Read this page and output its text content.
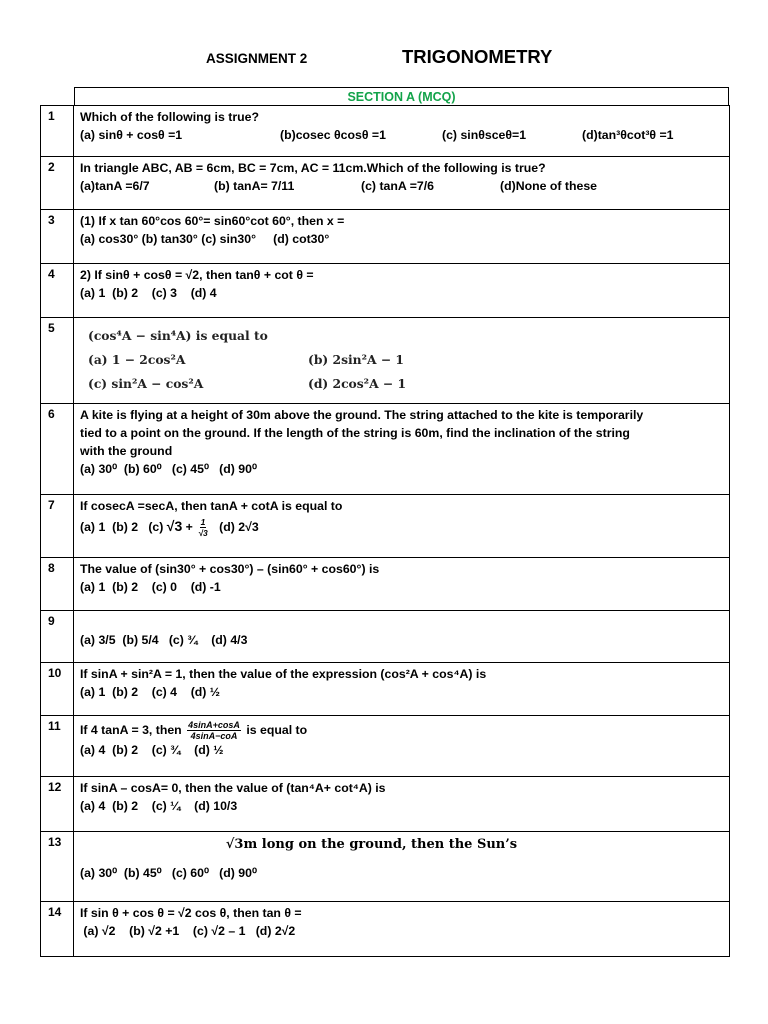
ASSIGNMENT 2	TRIGONOMETRY
SECTION A (MCQ)
1	Which of the following is true?
(a) sinθ + cosθ =1 (b)cosec θcosθ =1 (c) sinθsceθ=1 (d)tan³θcot³θ =1

2	In triangle ABC, AB = 6cm, BC = 7cm, AC = 11cm.Which of the following is true?
(a)tanA =6/7 (b) tanA= 7/11 (c) tanA =7/6 (d)None of these

3	(1) If x tan 60°cos 60°= sin60°cot 60°, then x =
(a) cos30° (b) tan30° (c) sin30°     (d) cot30°

4	2) If sinθ + cosθ = √2, then tanθ + cot θ =
(a) 1  (b) 2    (c) 3    (d) 4

5	(cos⁴A − sin⁴A) is equal to
(a) 1 − 2cos²A (b) 2sin²A − 1
(c) sin²A − cos²A (d) 2cos²A − 1

6	A kite is flying at a height of 30m above the ground. The string attached to the kite is temporarily
tied to a point on the ground. If the length of the string is 60m, find the inclination of the string
with the ground
(a) 30⁰  (b) 60⁰   (c) 45⁰   (d) 90⁰

7	If cosecA =secA, then tanA + cotA is equal to
(a) 1  (b) 2   (c) $√3 + \frac{1}{√3} (d)$ 2√3

8	The value of (sin30° + cos30°) – (sin60° + cos60°) is
(a) 1  (b) 2    (c) 0    (d) -1

9	(a) 3/5  (b) 5/4   (c) ¾    (d) 4/3

10	If sinA + sin²A = 1, then the value of the expression (cos²A + cos⁴A) is
(a) 1  (b) 2    (c) 4    (d) ½

11	If 4 tanA = 3, then $\frac{4\sin A+\cos A}{\text{4sinA−coA}}$ is equal to
(a) 4  (b) 2    (c) ¾    (d) ½

12	If sinA – cosA= 0, then the value of (tan⁴A+ cot⁴A) is
(a) 4  (b) 2    (c) ¼    (d) 10/3

13	√3m long on the ground, then the Sun’s
(a) 30⁰  (b) 45⁰   (c) 60⁰   (d) 90⁰

14	If sin θ + cos θ = √2 cos θ, then tan θ =
(a) √2    (b) √2 +1    (c) √2 – 1   (d) 2√2
